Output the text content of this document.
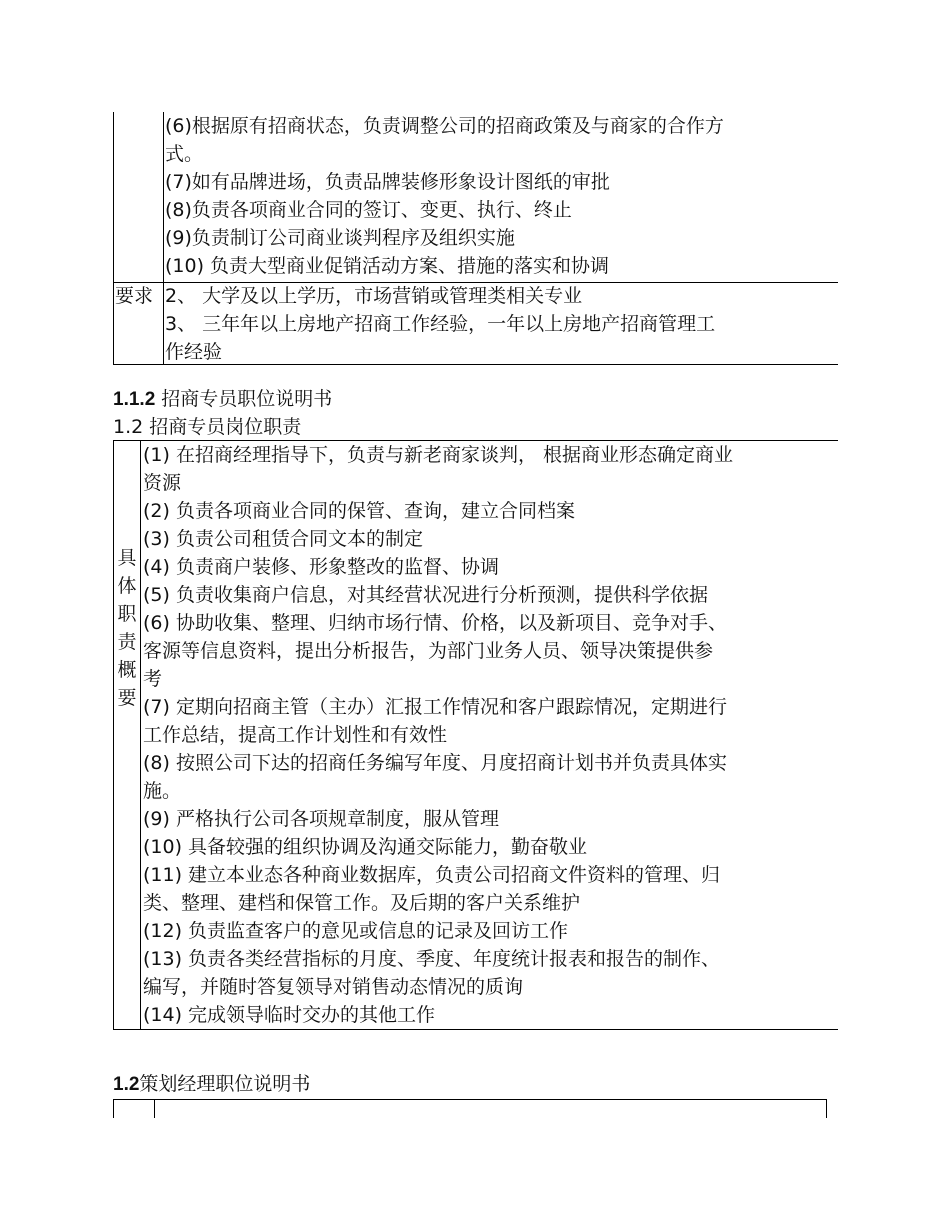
(6)根据原有招商状态，负责调整公司的招商政策及与商家的合作方
式。
(7)如有品牌进场，负责品牌装修形象设计图纸的审批
(8)负责各项商业合同的签订、变更、执行、终止
(9)负责制订公司商业谈判程序及组织实施
(10) 负责大型商业促销活动方案、措施的落实和协调
要求 2、 大学及以上学历，市场营销或管理类相关专业
3、 三年年以上房地产招商工作经验，一年以上房地产招商管理工
作经验
1.1.2 招商专员职位说明书
1.2 招商专员岗位职责
具体职责概要
(1) 在招商经理指导下，负责与新老商家谈判， 根据商业形态确定商业
资源
(2) 负责各项商业合同的保管、查询，建立合同档案
(3) 负责公司租赁合同文本的制定
(4) 负责商户装修、形象整改的监督、协调
(5) 负责收集商户信息，对其经营状况进行分析预测，提供科学依据
(6) 协助收集、整理、归纳市场行情、价格，以及新项目、竞争对手、
客源等信息资料，提出分析报告，为部门业务人员、领导决策提供参
考
(7) 定期向招商主管（主办）汇报工作情况和客户跟踪情况，定期进行
工作总结，提高工作计划性和有效性
(8) 按照公司下达的招商任务编写年度、月度招商计划书并负责具体实
施。
(9) 严格执行公司各项规章制度，服从管理
(10) 具备较强的组织协调及沟通交际能力，勤奋敬业
(11) 建立本业态各种商业数据库，负责公司招商文件资料的管理、归
类、整理、建档和保管工作。及后期的客户关系维护
(12) 负责监查客户的意见或信息的记录及回访工作
(13) 负责各类经营指标的月度、季度、年度统计报表和报告的制作、
编写，并随时答复领导对销售动态情况的质询
(14) 完成领导临时交办的其他工作
1.2策划经理职位说明书
